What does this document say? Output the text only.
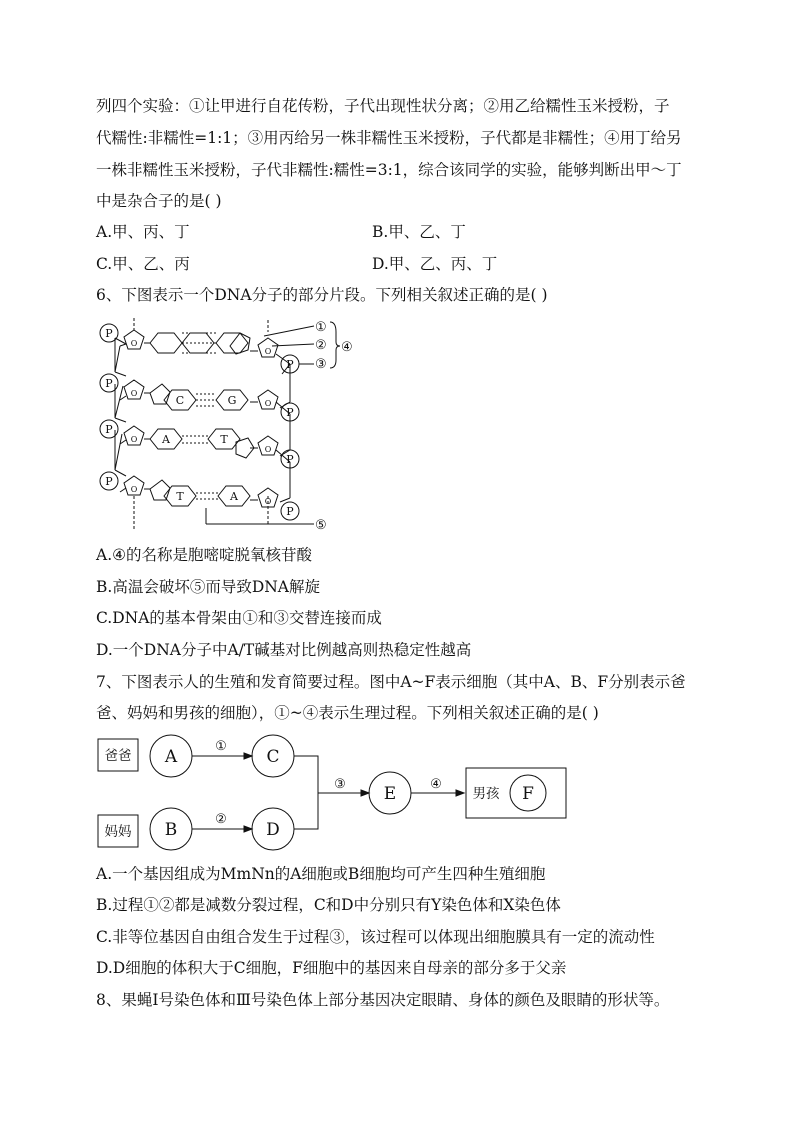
列四个实验：①让甲进行自花传粉，子代出现性状分离；②用乙给糯性玉米授粉，子
代糯性:非糯性=1:1；③用丙给另一株非糯性玉米授粉，子代都是非糯性；④用丁给另
一株非糯性玉米授粉，子代非糯性:糯性=3:1，综合该同学的实验，能够判断出甲～丁
中是杂合子的是( )
A.甲、丙、丁	B.甲、乙、丁
C.甲、乙、丙	D.甲、乙、丙、丁
6、下图表示一个DNA分子的部分片段。下列相关叙述正确的是( )
P
P
P
P
P
P
P
P
C	G
A	T
T	A
O
O
O
O
O
O
O
O
①
②
③
④
⑤
A.④的名称是胞嘧啶脱氧核苷酸
B.高温会破坏⑤而导致DNA解旋
C.DNA的基本骨架由①和③交替连接而成
D.一个DNA分子中A/T碱基对比例越高则热稳定性越高
7、下图表示人的生殖和发育简要过程。图中A~F表示细胞（其中A、B、F分别表示爸
爸、妈妈和男孩的细胞），①~④表示生理过程。下列相关叙述正确的是( )
爸爸
妈妈
A	C
B	D
E	F
男孩
①
②
③	④
A.一个基因组成为MmNn的A细胞或B细胞均可产生四种生殖细胞
B.过程①②都是减数分裂过程，C和D中分别只有Y染色体和X染色体
C.非等位基因自由组合发生于过程③，该过程可以体现出细胞膜具有一定的流动性
D.D细胞的体积大于C细胞，F细胞中的基因来自母亲的部分多于父亲
8、果蝇Ⅰ号染色体和Ⅲ号染色体上部分基因决定眼睛、身体的颜色及眼睛的形状等。
